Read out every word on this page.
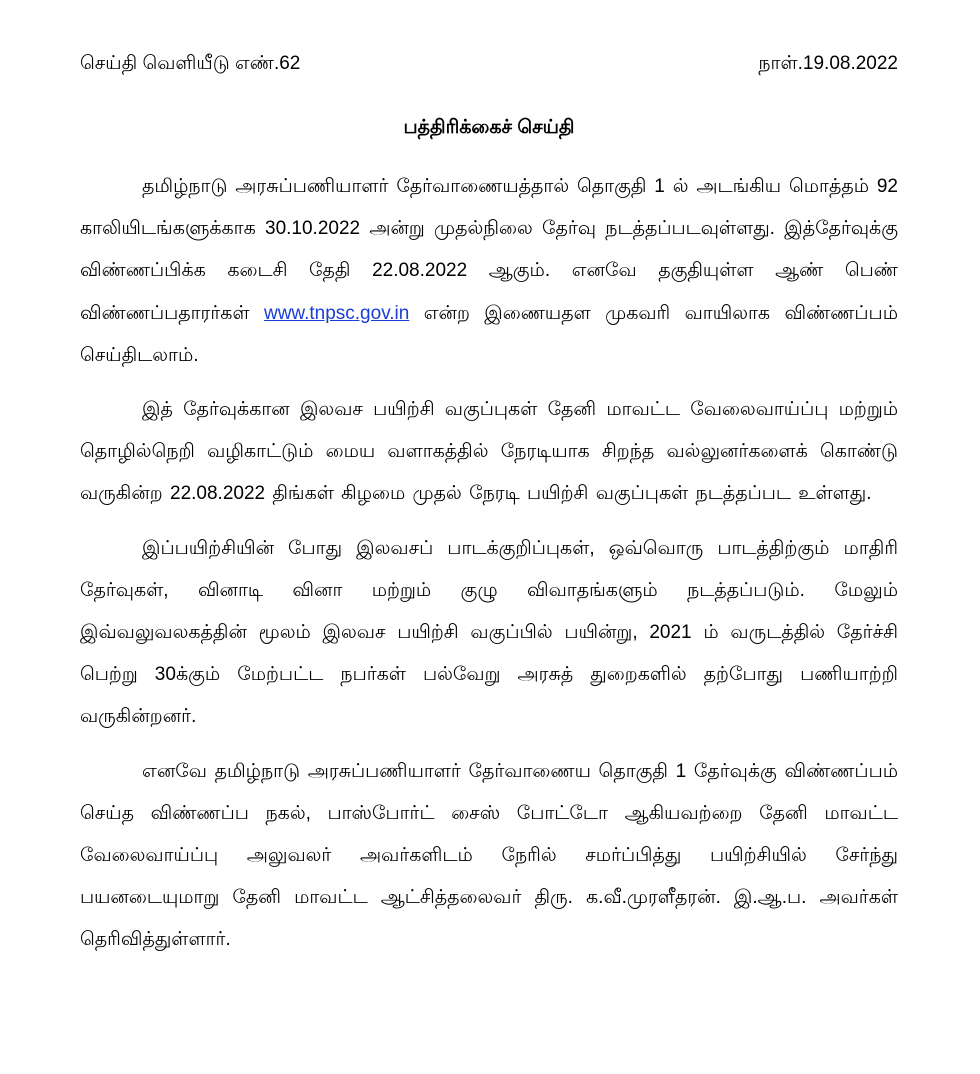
செய்தி வெளியீடு எண்.62	நாள்.19.08.2022
பத்திரிக்கைச் செய்தி

தமிழ்நாடு அரசுப்பணியாளர் தேர்வாணையத்தால் தொகுதி 1 ல் அடங்கிய மொத்தம் 92 காலியிடங்களுக்காக 30.10.2022 அன்று முதல்நிலை தேர்வு நடத்தப்படவுள்ளது. இத்தேர்வுக்கு விண்ணப்பிக்க கடைசி தேதி 22.08.2022 ஆகும். எனவே தகுதியுள்ள ஆண் பெண் விண்ணப்பதாரர்கள் www.tnpsc.gov.in என்ற இணையதள முகவரி வாயிலாக விண்ணப்பம் செய்திடலாம்.

இத் தேர்வுக்கான இலவச பயிற்சி வகுப்புகள் தேனி மாவட்ட வேலைவாய்ப்பு மற்றும் தொழில்நெறி வழிகாட்டும் மைய வளாகத்தில் நேரடியாக சிறந்த வல்லுனர்களைக் கொண்டு வருகின்ற 22.08.2022 திங்கள் கிழமை முதல் நேரடி பயிற்சி வகுப்புகள் நடத்தப்பட உள்ளது.

இப்பயிற்சியின் போது இலவசப் பாடக்குறிப்புகள், ஒவ்வொரு பாடத்திற்கும் மாதிரி தேர்வுகள், வினாடி வினா மற்றும் குழு விவாதங்களும் நடத்தப்படும். மேலும் இவ்வலுவலகத்தின் மூலம் இலவச பயிற்சி வகுப்பில் பயின்று, 2021 ம் வருடத்தில் தேர்ச்சி பெற்று 30க்கும் மேற்பட்ட நபர்கள் பல்வேறு அரசுத் துறைகளில் தற்போது பணியாற்றி வருகின்றனர்.

எனவே தமிழ்நாடு அரசுப்பணியாளர் தேர்வாணைய தொகுதி 1 தேர்வுக்கு விண்ணப்பம் செய்த விண்ணப்ப நகல், பாஸ்போர்ட் சைஸ் போட்டோ ஆகியவற்றை தேனி மாவட்ட வேலைவாய்ப்பு அலுவலர் அவர்களிடம் நேரில் சமர்ப்பித்து பயிற்சியில் சேர்ந்து பயனடையுமாறு தேனி மாவட்ட ஆட்சித்தலைவர் திரு. க.வீ.முரளீதரன். இ.ஆ.ப. அவர்கள் தெரிவித்துள்ளார்.
